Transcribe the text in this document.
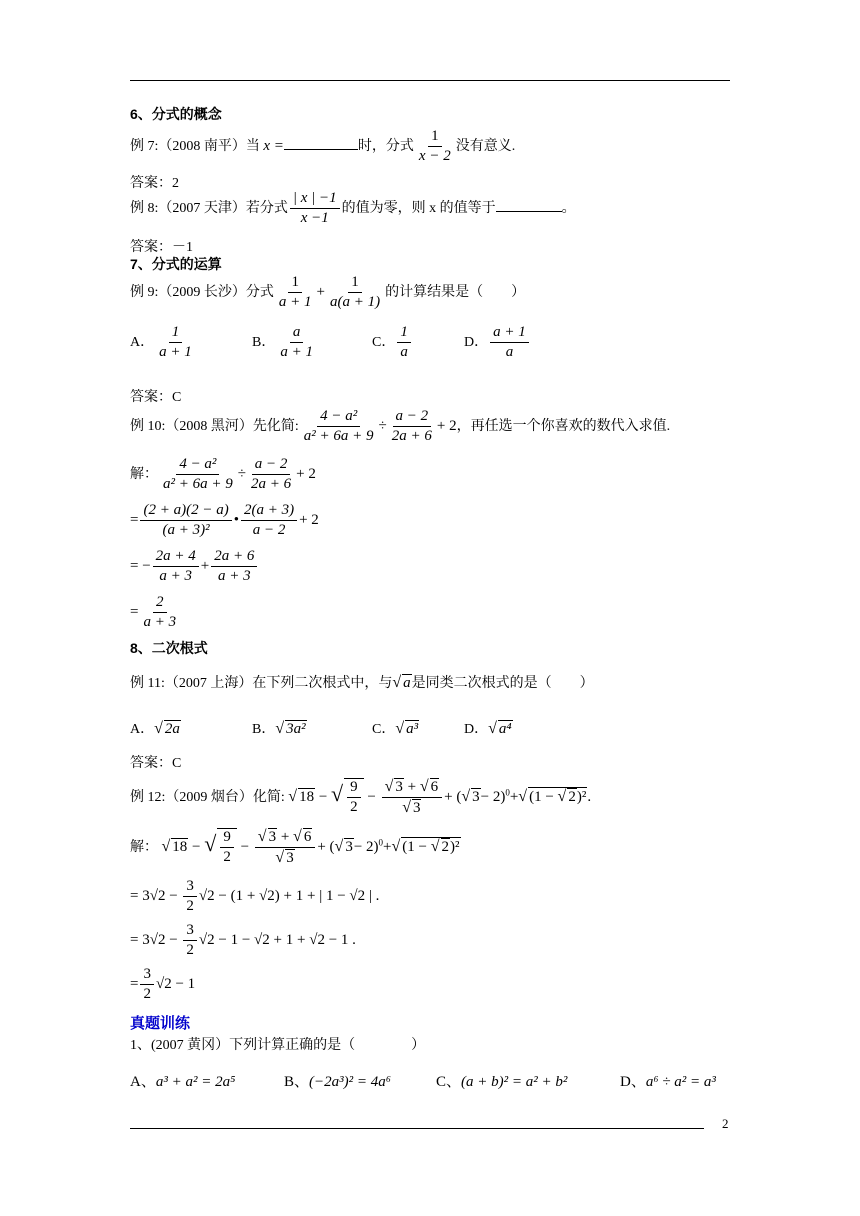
6、分式的概念
例 7:（2008 南平）当 x =	时，分式 $\frac{1}{x - 2}$ 没有意义.
答案：2
例 8:（2007 天津）若分式 $\frac{| x | -1}{x -1}$ 的值为零，则 x 的值等于	。
答案：－1
7、分式的运算
例 9:（2009 长沙）分式 $\frac{1}{a + 1} + \frac{1}{a(a + 1)}$ 的计算结果是（　　）
A． $\frac{1}{a + 1}$	B． $\frac{a}{a + 1}$	C． $\frac{1}{a}$	D． $\frac{a + 1}{a}$
答案：C
例 10:（2008 黑河）先化简: $\frac{\text{4 − a²}}{\text{a² + 6a + 9}} \div \frac{a - 2}{2a + 6} + 2$，再任选一个你喜欢的数代入求值.
解： $\frac{\text{4 − a²}}{\text{a² + 6a + 9}} \div \frac{a - 2}{2a + 6} + 2$
= $\frac{(2 + a)(2 - a)}{\text{(a + 3)²}}$ • $\frac{2(a + 3)}{a - 2} + 2$
= − $\frac{2a + 4}{a + 3} + \frac{2a + 6}{a + 3}$
= $\frac{2}{a + 3}$
8、二次根式
例 11:（2007 上海）在下列二次根式中，与√ a是同类二次根式的是（　　）
A．√ 2a	B．√ 3a²	C．√ a³	D．√ a⁴
答案：C
例 12:（2009 烟台）化简: √ 18 − √ $\frac{9}{2} - \frac{√ 3 + √ 6}{√ 3}$ + (√ 3− 2)$^0$+√ (1 − √ 2)².
解： √ 18 − √ $\frac{9}{2} - \frac{√ 3 + √ 6}{√ 3}$ + (√ 3− 2)$^0$+√ (1 − √ 2)²
= $3√2 - \frac{3}{2} √2 - (1 + √2) + 1$ + | 1 − √2 | .
= $3√2 - \frac{3}{2} √2 - 1 - √2 + 1 + √2 - 1$ .
= $\frac{3}{2} √2 - 1$
真题训练
1、(2007 黄冈）下列计算正确的是（　　　　）
A、a³ + a² = 2a⁵	B、(−2a³)² = 4a⁶	C、(a + b)² = a² + b²	D、a⁶ ÷ a² = a³
2
